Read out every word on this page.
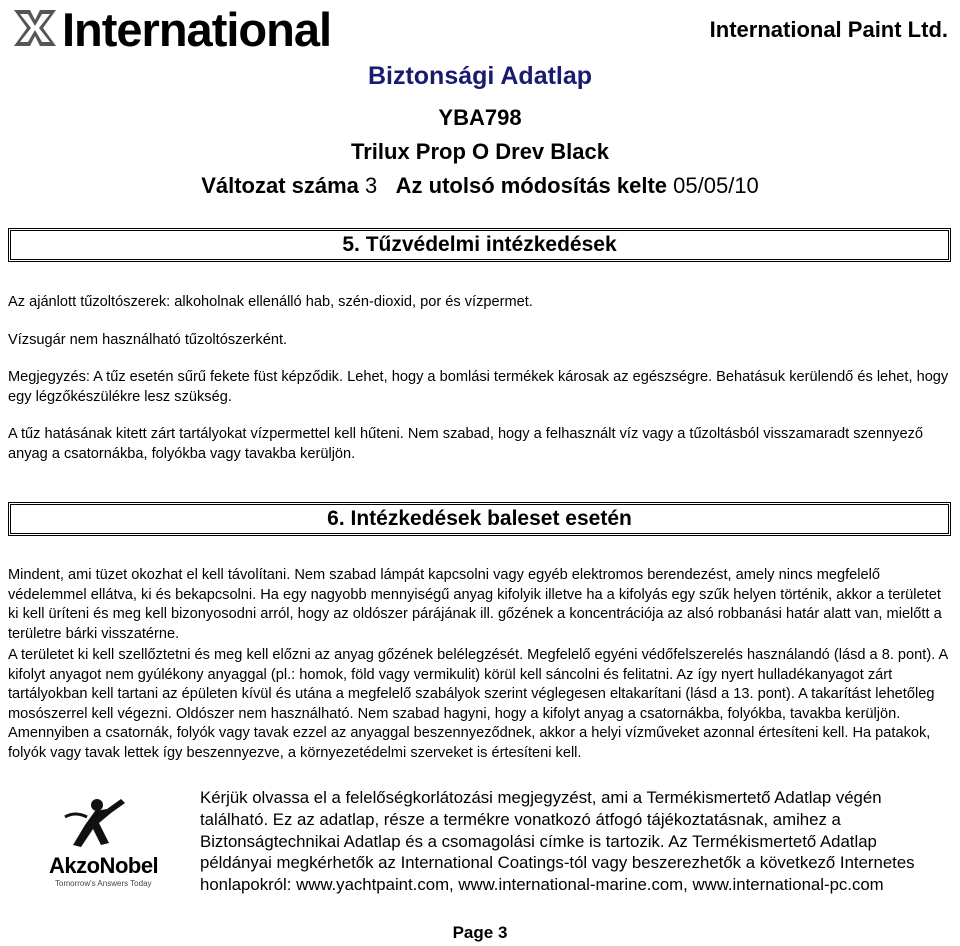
International	International Paint Ltd.
Biztonsági Adatlap
YBA798
Trilux Prop O Drev Black
Változat száma 3 Az utolsó módosítás kelte 05/05/10
5. Tűzvédelmi intézkedések
Az ajánlott tűzoltószerek: alkoholnak ellenálló hab, szén-dioxid, por és vízpermet.
Vízsugár nem használható tűzoltószerként.
Megjegyzés: A tűz esetén sűrű fekete füst képződik. Lehet, hogy a bomlási termékek károsak az egészségre. Behatásuk kerülendő és lehet, hogy egy légzőkészülékre lesz szükség.
A tűz hatásának kitett zárt tartályokat vízpermettel kell hűteni. Nem szabad, hogy a felhasznált víz vagy a tűzoltásból visszamaradt szennyező anyag a csatornákba, folyókba vagy tavakba kerüljön.
6. Intézkedések baleset esetén
Mindent, ami tüzet okozhat el kell távolítani. Nem szabad lámpát kapcsolni vagy egyéb elektromos berendezést, amely nincs megfelelő védelemmel ellátva, ki és bekapcsolni. Ha egy nagyobb mennyiségű anyag kifolyik illetve ha a kifolyás egy szűk helyen történik, akkor a területet ki kell üríteni és meg kell bizonyosodni arról, hogy az oldószer párájának ill. gőzének a koncentrációja az alsó robbanási határ alatt van, mielőtt a területre bárki visszatérne.
A területet ki kell szellőztetni és meg kell előzni az anyag gőzének belélegzését. Megfelelő egyéni védőfelszerelés használandó (lásd a 8. pont). A kifolyt anyagot nem gyúlékony anyaggal (pl.: homok, föld vagy vermikulit) körül kell sáncolni és felitatni. Az így nyert hulladékanyagot zárt tartályokban kell tartani az épületen kívül és utána a megfelelő szabályok szerint véglegesen eltakarítani (lásd a 13. pont). A takarítást lehetőleg mosószerrel kell végezni. Oldószer nem használható. Nem szabad hagyni, hogy a kifolyt anyag a csatornákba, folyókba, tavakba kerüljön. Amennyiben a csatornák, folyók vagy tavak ezzel az anyaggal beszennyeződnek, akkor a helyi vízműveket azonnal értesíteni kell. Ha patakok, folyók vagy tavak lettek így beszennyezve, a környezetédelmi szerveket is értesíteni kell.
AkzoNobel
Tomorrow's Answers Today
Kérjük olvassa el a felelőségkorlátozási megjegyzést, ami a Termékismertető Adatlap végén található. Ez az adatlap, része a termékre vonatkozó átfogó tájékoztatásnak, amihez a Biztonságtechnikai Adatlap és a csomagolási címke is tartozik. Az Termékismertető Adatlap példányai megkérhetők az International Coatings-tól vagy beszerezhetők a következő Internetes honlapokról: www.yachtpaint.com, www.international-marine.com, www.international-pc.com
Page 3
